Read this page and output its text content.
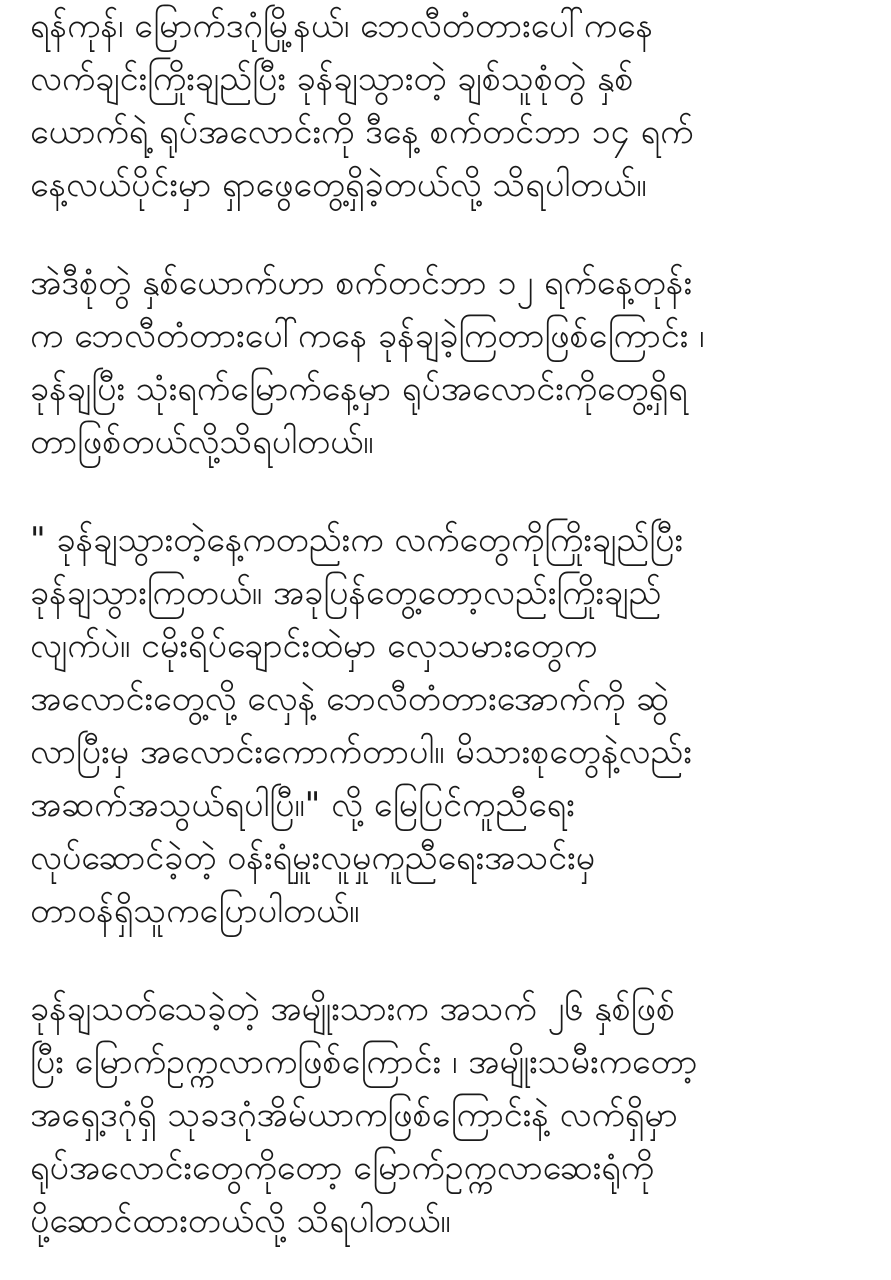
ရန်ကုန်၊ မြောက်ဒဂုံမြို့နယ်၊ ဘေလီတံတားပေါ်ကနေ
လက်ချင်းကြိုးချည်ပြီး ခုန်ချသွားတဲ့ ချစ်သူစုံတွဲ နှစ်
ယောက်ရဲ့ ရုပ်အလောင်းကို ဒီနေ့ စက်တင်ဘာ ၁၄ ရက်
နေ့လယ်ပိုင်းမှာ ရှာဖွေတွေ့ရှိခဲ့တယ်လို့ သိရပါတယ်။
အဲဒီစုံတွဲ နှစ်ယောက်ဟာ စက်တင်ဘာ ၁၂ ရက်နေ့တုန်း
က ဘေလီတံတားပေါ်ကနေ ခုန်ချခဲ့ကြတာဖြစ်ကြောင်း ၊
ခုန်ချပြီး သုံးရက်မြောက်နေ့မှာ ရုပ်အလောင်းကိုတွေ့ရှိရ
တာဖြစ်တယ်လို့သိရပါတယ်။
" ခုန်ချသွားတဲ့နေ့ကတည်းက လက်တွေကိုကြိုးချည်ပြီး
ခုန်ချသွားကြတယ်။ အခုပြန်တွေ့တော့လည်းကြိုးချည်
လျက်ပဲ။ ငမိုးရိပ်ချောင်းထဲမှာ လှေသမားတွေက
အလောင်းတွေ့လို့ လှေနဲ့ ဘေလီတံတားအောက်ကို ဆွဲ
လာပြီးမှ အလောင်းကောက်တာပါ။ မိသားစုတွေနဲ့လည်း
အဆက်အသွယ်ရပါပြီ။" လို့ မြေပြင်ကူညီရေး
လုပ်ဆောင်ခဲ့တဲ့ ဝန်းရံမှူးလူမှုကူညီရေးအသင်းမှ
တာဝန်ရှိသူကပြောပါတယ်။
ခုန်ချသတ်သေခဲ့တဲ့ အမျိုးသားက အသက် ၂၆ နှစ်ဖြစ်
ပြီး မြောက်ဥက္ကလာကဖြစ်ကြောင်း ၊ အမျိုးသမီးကတော့
အရှေ့ဒဂုံရှိ သုခဒဂုံအိမ်ယာကဖြစ်ကြောင်းနဲ့ လက်ရှိမှာ
ရုပ်အလောင်းတွေကိုတော့ မြောက်ဥက္ကလာဆေးရုံကို
ပို့ဆောင်ထားတယ်လို့ သိရပါတယ်။
